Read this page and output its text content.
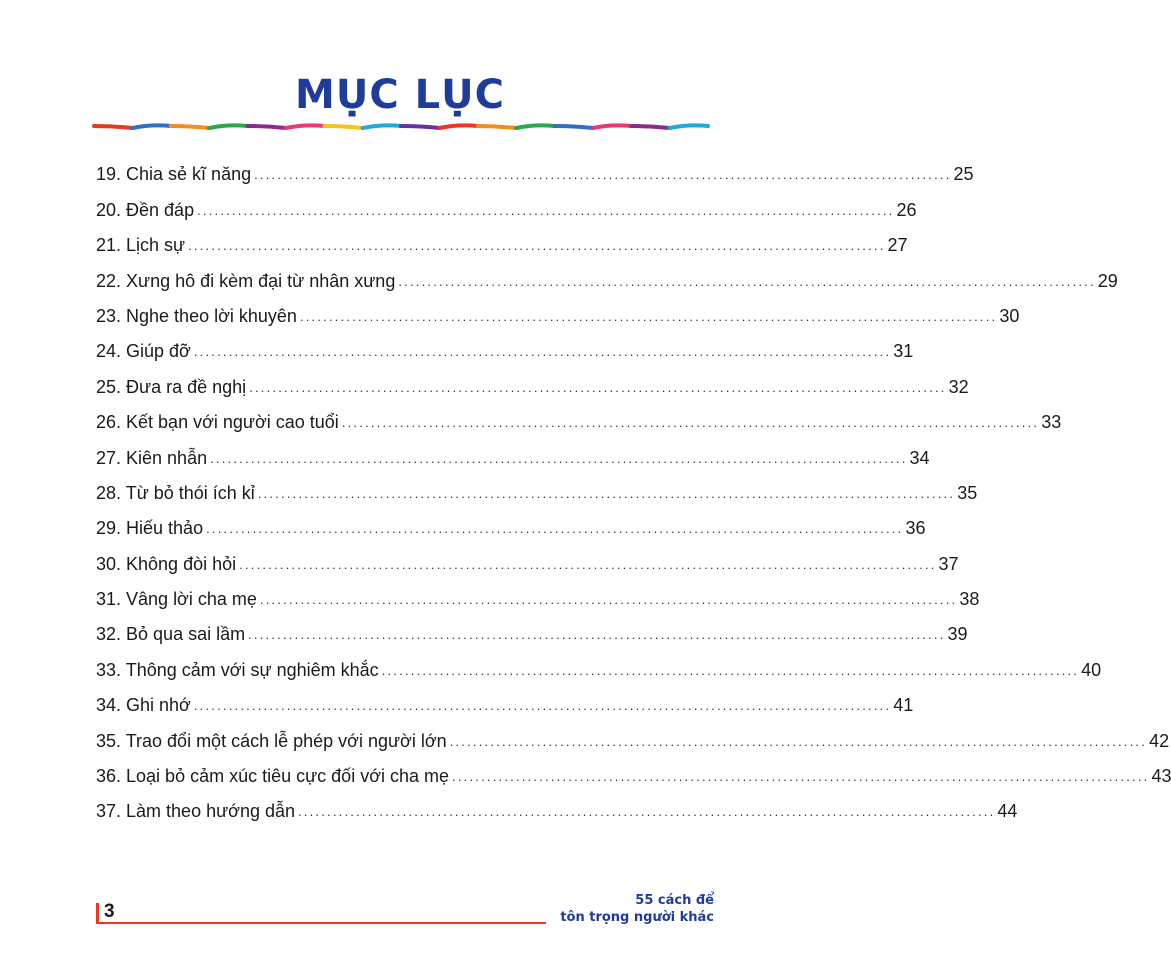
MỤC LỤC
19. Chia sẻ kĩ năng ........................................................................................................................ 25
20. Đền đáp ........................................................................................................................ 26
21. Lịch sự ........................................................................................................................ 27
22. Xưng hô đi kèm đại từ nhân xưng ........................................................................................................................ 29
23. Nghe theo lời khuyên ........................................................................................................................ 30
24. Giúp đỡ ........................................................................................................................ 31
25. Đưa ra đề nghị ........................................................................................................................ 32
26. Kết bạn với người cao tuổi ........................................................................................................................ 33
27. Kiên nhẫn ........................................................................................................................ 34
28. Từ bỏ thói ích kỉ ........................................................................................................................ 35
29. Hiếu thảo ........................................................................................................................ 36
30. Không đòi hỏi ........................................................................................................................ 37
31. Vâng lời cha mẹ ........................................................................................................................ 38
32. Bỏ qua sai lầm ........................................................................................................................ 39
33. Thông cảm với sự nghiêm khắc ........................................................................................................................ 40
34. Ghi nhớ ........................................................................................................................ 41
35. Trao đổi một cách lễ phép với người lớn ........................................................................................................................ 42
36. Loại bỏ cảm xúc tiêu cực đối với cha mẹ ........................................................................................................................ 43
37. Làm theo hướng dẫn ........................................................................................................................ 44
3
55 cách để
tôn trọng người khác
